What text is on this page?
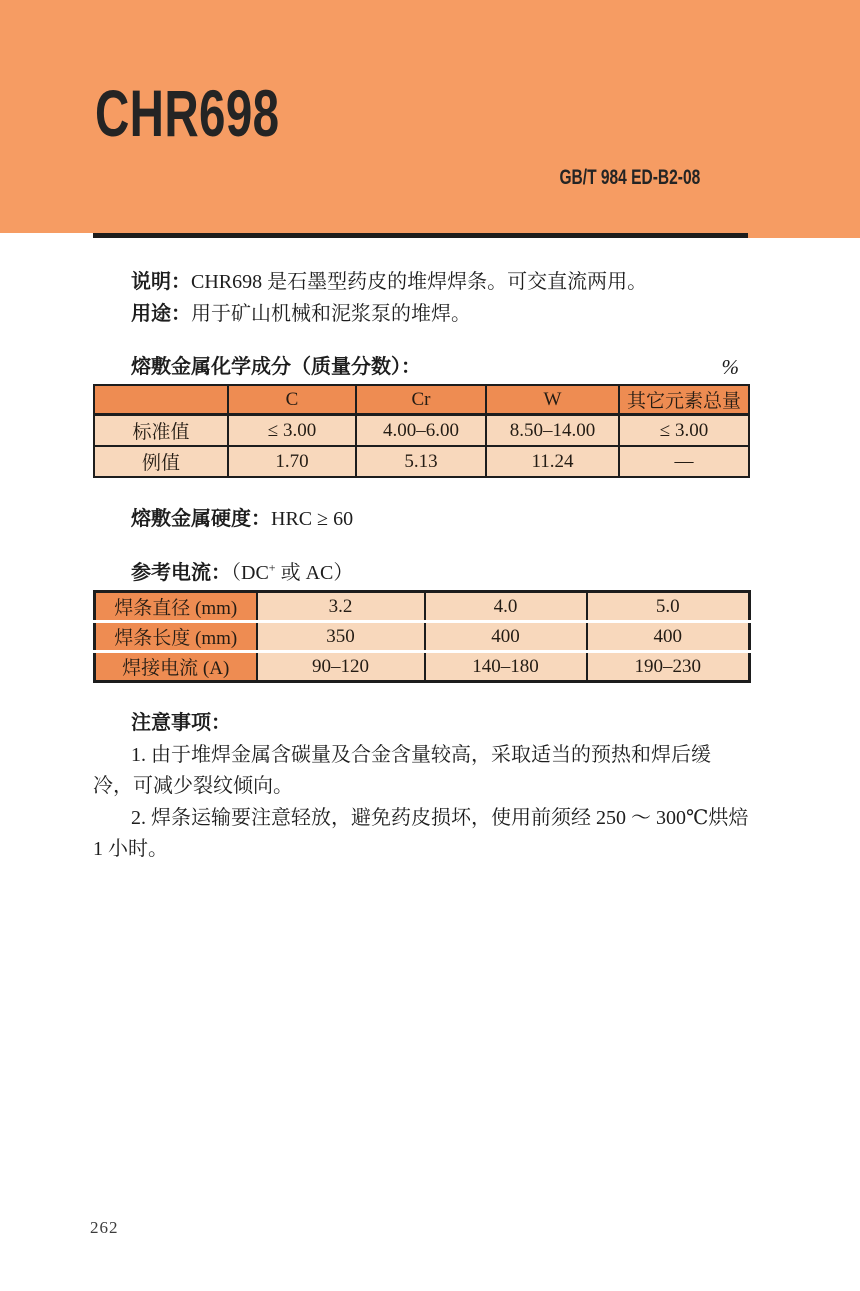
CHR698
GB/T 984 ED-B2-08

说明：CHR698 是石墨型药皮的堆焊焊条。可交直流两用。

用途：用于矿山机械和泥浆泵的堆焊。

熔敷金属化学成分（质量分数）：	%
	C	Cr	W	其它元素总量
标准值	≤ 3.00	4.00–6.00	8.50–14.00	≤ 3.00
例值	1.70	5.13	11.24	—

熔敷金属硬度：HRC ≥ 60

参考电流：（DC+ 或 AC）

焊条直径 (mm)	3.2	4.0	5.0
焊条长度 (mm)	350	400	400
焊接电流 (A)	90–120	140–180	190–230

注意事项：

1. 由于堆焊金属含碳量及合金含量较高，采取适当的预热和焊后缓冷，可减少裂纹倾向。

2. 焊条运输要注意轻放，避免药皮损坏，使用前须经 250 ～ 300℃烘焙 1 小时。

262
